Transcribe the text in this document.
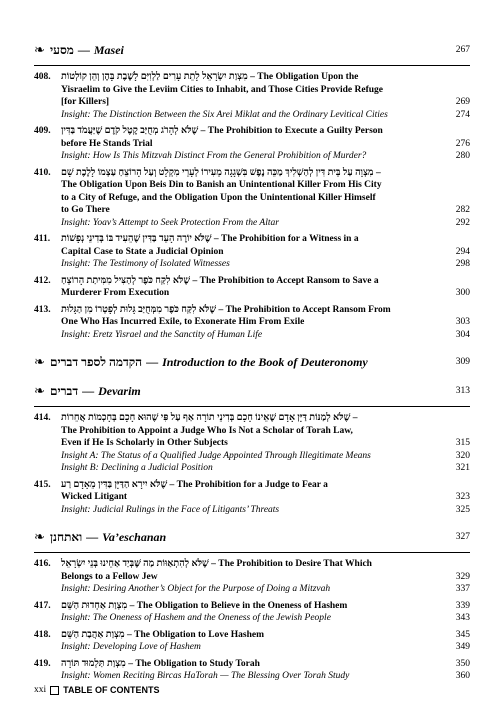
❧ מסעי — Masei	267
408. מִצְוַת יִשְׂרָאֵל לָתֵת עָרִים לַלְוִיִּם לָשֶׁבֶת בָּהֶן וְהֵן קוֹלְטוֹת – The Obligation Upon the
Yisraelim to Give the Leviim Cities to Inhabit, and Those Cities Provide Refuge
[for Killers]	269
Insight: The Distinction Between the Six Arei Miklat and the Ordinary Levitical Cities	274
409. שֶׁלֹּא לְהָרֹג מְחֻיַּב קֶטֶל קֹדֶם שֶׁיַּעֲמֹד בַּדִּין – The Prohibition to Execute a Guilty Person
before He Stands Trial	276
Insight: How Is This Mitzvah Distinct From the General Prohibition of Murder?	280
410. מִצְוָה עַל בֵּית דִּין לְהַשְׁלִיךְ מַכֵּה נֶפֶשׁ בִּשְׁגָגָה מֵעִירוֹ לְעָרֵי מִקְלָט וְעַל הָרוֹצֵחַ עַצְמוֹ לָלֶכֶת שָׁם –
The Obligation Upon Beis Din to Banish an Unintentional Killer From His City
to a City of Refuge, and the Obligation Upon the Unintentional Killer Himself
to Go There	282
Insight: Yoav’s Attempt to Seek Protection From the Altar	292
411. שֶׁלֹּא יוֹרֶה הָעֵד בַּדִּין שֶׁהֵעִיד בּוֹ בְּדִינֵי נְפָשׁוֹת – The Prohibition for a Witness in a
Capital Case to State a Judicial Opinion	294
Insight: The Testimony of Isolated Witnesses	298
412. שֶׁלֹּא לִקַּח כֹּפֶר לְהַצִּיל מִמִּיתַת הָרוֹצֵחַ – The Prohibition to Accept Ransom to Save a
Murderer From Execution	300
413. שֶׁלֹּא לִקַּח כֹּפֶר מִמְּחֻיַּב גָּלוּת לְפָטְרוֹ מִן הַגָּלוּת – The Prohibition to Accept Ransom From
One Who Has Incurred Exile, to Exonerate Him From Exile	303
Insight: Eretz Yisrael and the Sanctity of Human Life	304
❧ הקדמה לספר דברים — Introduction to the Book of Deuteronomy	309
❧ דברים — Devarim	313
414. שֶׁלֹּא לְמַנּוֹת דַּיָּן אָדָם שֶׁאֵינוֹ חָכָם בְּדִינֵי תוֹרָה אַף עַל פִּי שֶׁהוּא חָכָם בְּחָכְמוֹת אֲחֵרוֹת –
The Prohibition to Appoint a Judge Who Is Not a Scholar of Torah Law,
Even if He Is Scholarly in Other Subjects	315
Insight A: The Status of a Qualified Judge Appointed Through Illegitimate Means	320
Insight B: Declining a Judicial Position	321
415. שֶׁלֹּא יִירָא הַדַּיָּן בַּדִּין מֵאָדָם רַע – The Prohibition for a Judge to Fear a
Wicked Litigant	323
Insight: Judicial Rulings in the Face of Litigants’ Threats	325
❧ ואתחנן — Va’eschanan	327
416. שֶׁלֹּא לְהִתְאַוּוֹת מַה שֶּׁבְּיַד אַחֵינוּ בְּנֵי יִשְׂרָאֵל – The Prohibition to Desire That Which
Belongs to a Fellow Jew	329
Insight: Desiring Another’s Object for the Purpose of Doing a Mitzvah	337
417. מִצְוַת אַחְדוּת הַשֵּׁם – The Obligation to Believe in the Oneness of Hashem	339
Insight: The Oneness of Hashem and the Oneness of the Jewish People	343
418. מִצְוַת אַהֲבַת הַשֵּׁם – The Obligation to Love Hashem	345
Insight: Developing Love of Hashem	349
419. מִצְוַת תַּלְמוּד תּוֹרָה – The Obligation to Study Torah	350
Insight: Women Reciting Bircas HaTorah — The Blessing Over Torah Study	360
xxi TABLE OF CONTENTS
